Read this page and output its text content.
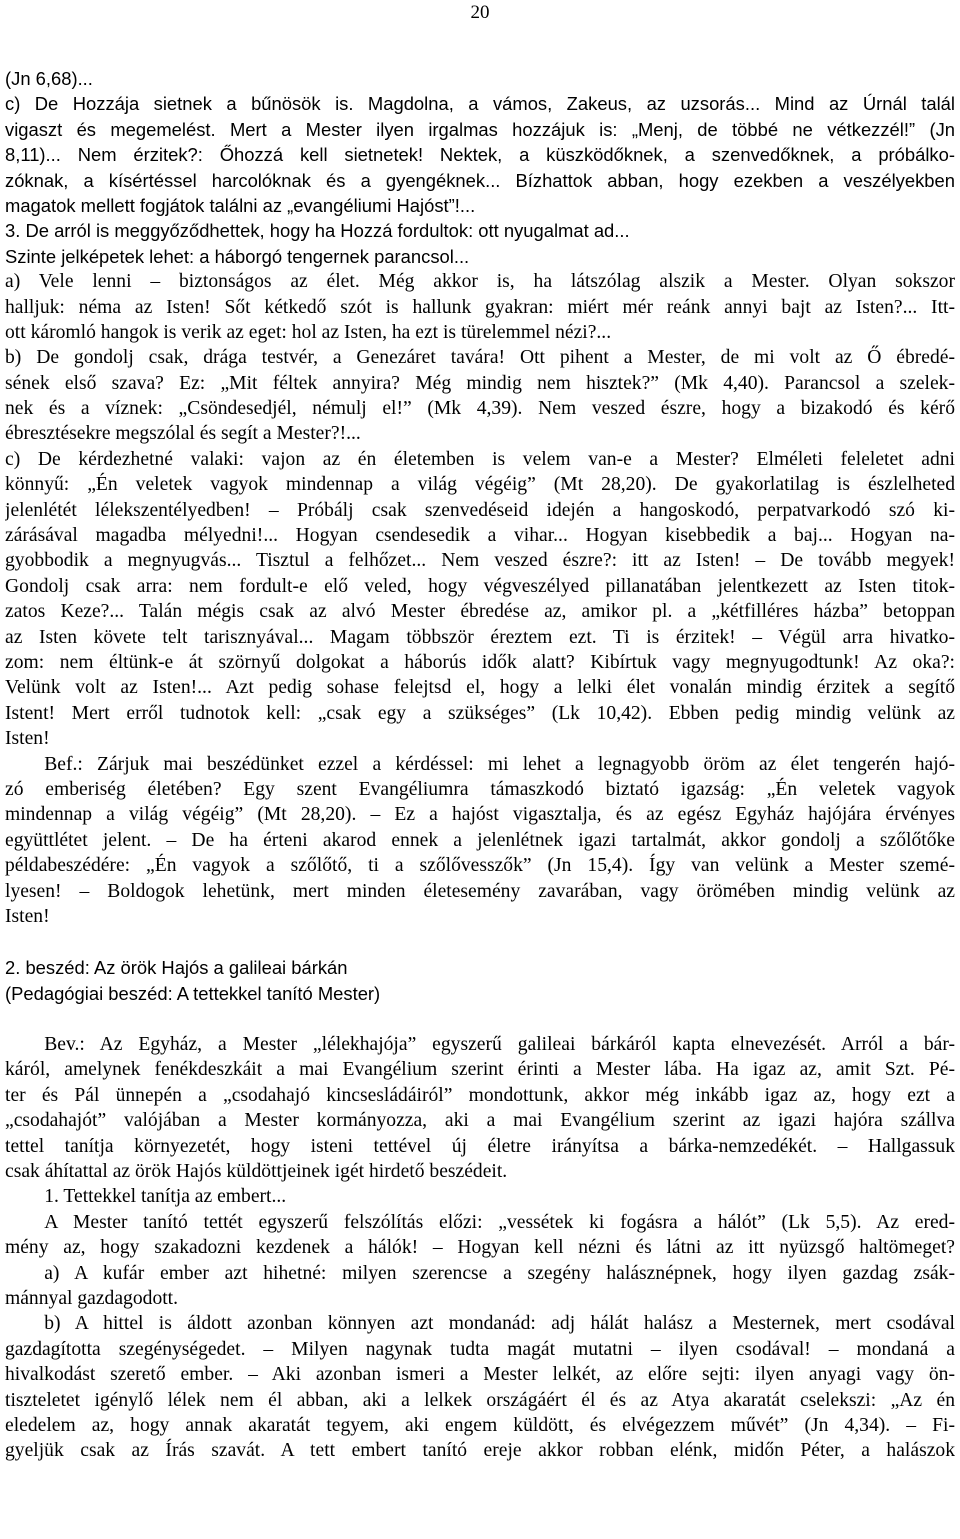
20
(Jn 6,68)...
c) De Hozzája sietnek a bűnösök is. Magdolna, a vámos, Zakeus, az uzsorás... Mind az Úrnál talál
vigaszt és megemelést. Mert a Mester ilyen irgalmas hozzájuk is: „Menj, de többé ne vétkezzél!” (Jn
8,11)... Nem érzitek?: Őhozzá kell sietnetek! Nektek, a küszködőknek, a szenvedőknek, a próbálko-
zóknak, a kísértéssel harcolóknak és a gyengéknek... Bízhattok abban, hogy ezekben a veszélyekben
magatok mellett fogjátok találni az „evangéliumi Hajóst”!...
3. De arról is meggyőződhettek, hogy ha Hozzá fordultok: ott nyugalmat ad...
Szinte jelképetek lehet: a háborgó tengernek parancsol...
a) Vele lenni – biztonságos az élet. Még akkor is, ha látszólag alszik a Mester. Olyan sokszor
halljuk: néma az Isten! Sőt kétkedő szót is hallunk gyakran: miért mér reánk annyi bajt az Isten?... Itt-
ott káromló hangok is verik az eget: hol az Isten, ha ezt is türelemmel nézi?...
b) De gondolj csak, drága testvér, a Genezáret tavára! Ott pihent a Mester, de mi volt az Ő ébredé-
sének első szava? Ez: „Mit féltek annyira? Még mindig nem hisztek?” (Mk 4,40). Parancsol a szelek-
nek és a víznek: „Csöndesedjél, némulj el!” (Mk 4,39). Nem veszed észre, hogy a bizakodó és kérő
ébresztésekre megszólal és segít a Mester?!...
c) De kérdezhetné valaki: vajon az én életemben is velem van-e a Mester? Elméleti feleletet adni
könnyű: „Én veletek vagyok mindennap a világ végéig” (Mt 28,20). De gyakorlatilag is észlelheted
jelenlétét lélekszentélyedben! – Próbálj csak szenvedéseid idején a hangoskodó, perpatvarkodó szó ki-
zárásával magadba mélyedni!... Hogyan csendesedik a vihar... Hogyan kisebbedik a baj... Hogyan na-
gyobbodik a megnyugvás... Tisztul a felhőzet... Nem veszed észre?: itt az Isten! – De tovább megyek!
Gondolj csak arra: nem fordult-e elő veled, hogy végveszélyed pillanatában jelentkezett az Isten titok-
zatos Keze?... Talán mégis csak az alvó Mester ébredése az, amikor pl. a „kétfilléres házba” betoppan
az Isten követe telt tarisznyával... Magam többször éreztem ezt. Ti is érzitek! – Végül arra hivatko-
zom: nem éltünk-e át szörnyű dolgokat a háborús idők alatt? Kibírtuk vagy megnyugodtunk! Az oka?:
Velünk volt az Isten!... Azt pedig sohase felejtsd el, hogy a lelki élet vonalán mindig érzitek a segítő
Istent! Mert erről tudnotok kell: „csak egy a szükséges” (Lk 10,42). Ebben pedig mindig velünk az
Isten!
  Bef.: Zárjuk mai beszédünket ezzel a kérdéssel: mi lehet a legnagyobb öröm az élet tengerén hajó-
zó emberiség életében? Egy szent Evangéliumra támaszkodó biztató igazság: „Én veletek vagyok
mindennap a világ végéig” (Mt 28,20). – Ez a hajóst vigasztalja, és az egész Egyház hajójára érvényes
együttlétet jelent. – De ha érteni akarod ennek a jelenlétnek igazi tartalmát, akkor gondolj a szőlőtőke
példabeszédére: „Én vagyok a szőlőtő, ti a szőlővesszők” (Jn 15,4). Így van velünk a Mester szemé-
lyesen! – Boldogok lehetünk, mert minden életesemény zavarában, vagy örömében mindig velünk az
Isten!
2. beszéd: Az örök Hajós a galileai bárkán
(Pedagógiai beszéd: A tettekkel tanító Mester)
  Bev.: Az Egyház, a Mester „lélekhajója” egyszerű galileai bárkáról kapta elnevezését. Arról a bár-
káról, amelynek fenékdeszkáit a mai Evangélium szerint érinti a Mester lába. Ha igaz az, amit Szt. Pé-
ter és Pál ünnepén a „csodahajó kincsesládáiról” mondottunk, akkor még inkább igaz az, hogy ezt a
„csodahajót” valójában a Mester kormányozza, aki a mai Evangélium szerint az igazi hajóra szállva
tettel tanítja környezetét, hogy isteni tettével új életre irányítsa a bárka-nemzedékét. – Hallgassuk
csak áhítattal az örök Hajós küldöttjeinek igét hirdető beszédeit.
  1. Tettekkel tanítja az embert...
  A Mester tanító tettét egyszerű felszólítás előzi: „vessétek ki fogásra a hálót” (Lk 5,5). Az ered-
mény az, hogy szakadozni kezdenek a hálók! – Hogyan kell nézni és látni az itt nyüzsgő haltömeget?
  a) A kufár ember azt hihetné: milyen szerencse a szegény halásznépnek, hogy ilyen gazdag zsák-
mánnyal gazdagodott.
  b) A hittel is áldott azonban könnyen azt mondanád: adj hálát halász a Mesternek, mert csodával
gazdagította szegénységedet. – Milyen nagynak tudta magát mutatni – ilyen csodával! – mondaná a
hivalkodást szerető ember. – Aki azonban ismeri a Mester lelkét, az előre sejti: ilyen anyagi vagy ön-
tiszteletet igénylő lélek nem él abban, aki a lelkek országáért él és az Atya akaratát cselekszi: „Az én
eledelem az, hogy annak akaratát tegyem, aki engem küldött, és elvégezzem művét” (Jn 4,34). – Fi-
gyeljük csak az Írás szavát. A tett embert tanító ereje akkor robban elénk, midőn Péter, a halászok
